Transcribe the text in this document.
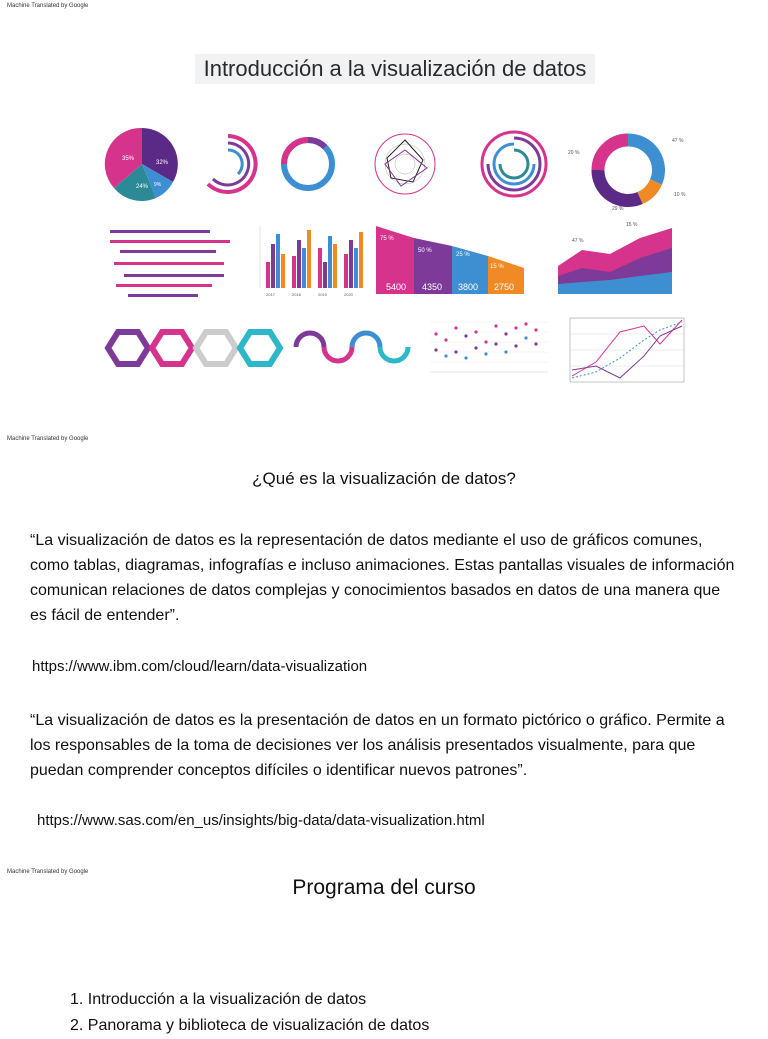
Machine Translated by Google
Introducción a la visualización de datos
35%
32%
24% 9%
47 %
20 %
10 %
29 %
2017	2018	2019	2020
5400 4350 3800 2750
75 %
50 %
25 %
15 %
47 %
15 %
Machine Translated by Google
¿Qué es la visualización de datos?
“La visualización de datos es la representación de datos mediante el uso de gráficos comunes, como tablas, diagramas, infografías e incluso animaciones. Estas pantallas visuales de información comunican relaciones de datos complejas y conocimientos basados en datos de una manera que es fácil de entender”.
https://www.ibm.com/cloud/learn/data-visualization
“La visualización de datos es la presentación de datos en un formato pictórico o gráfico. Permite a los responsables de la toma de decisiones ver los análisis presentados visualmente, para que puedan comprender conceptos difíciles o identificar nuevos patrones”.
https://www.sas.com/en_us/insights/big-data/data-visualization.html
Machine Translated by Google
Programa del curso
1. Introducción a la visualización de datos
2. Panorama y biblioteca de visualización de datos
